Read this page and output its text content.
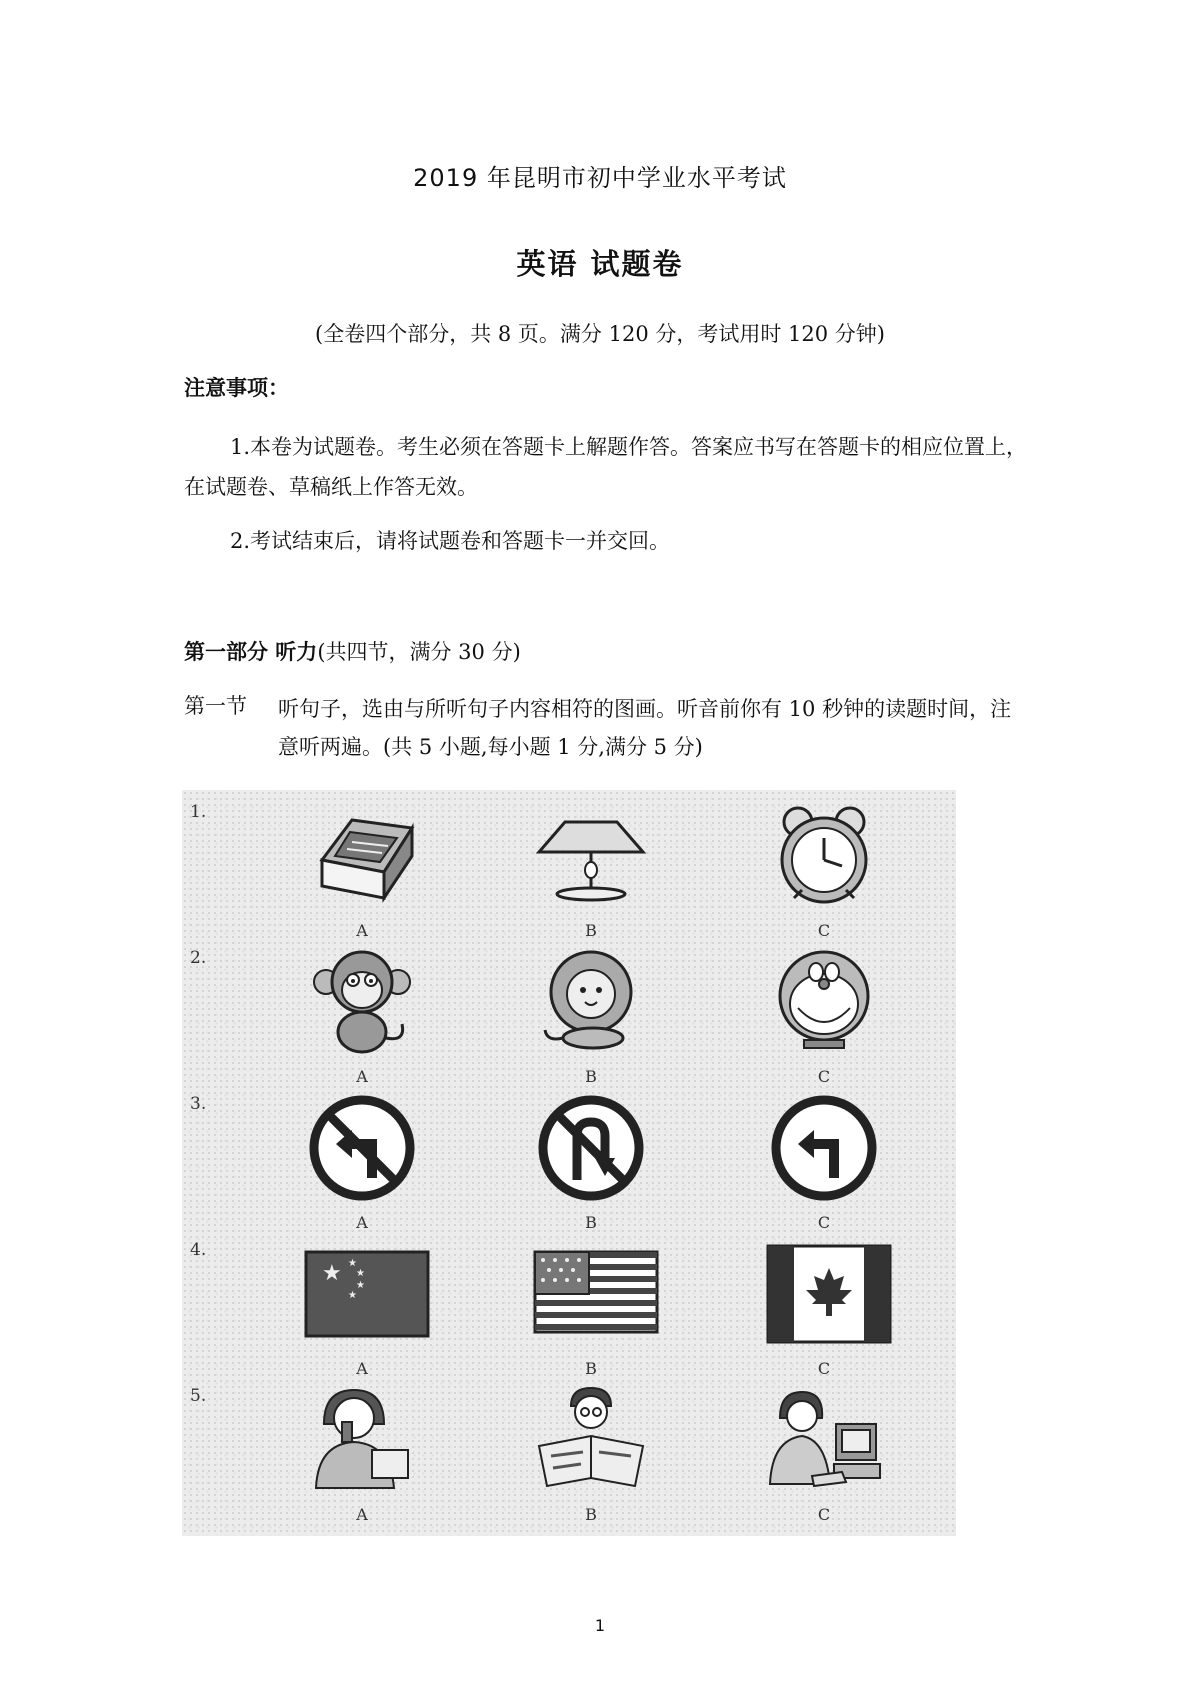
2019 年昆明市初中学业水平考试
英语 试题卷
(全卷四个部分，共 8 页。满分 120 分，考试用时 120 分钟)
注意事项：
1.本卷为试题卷。考生必须在答题卡上解题作答。答案应书写在答题卡的相应位置上，在试题卷、草稿纸上作答无效。
2.考试结束后，请将试题卷和答题卡一并交回。
第一部分 听力(共四节，满分 30 分)
第一节 听句子，选由与所听句子内容相符的图画。听音前你有 10 秒钟的读题时间，注意听两遍。(共 5 小题,每小题 1 分,满分 5 分)
1.
A	B	C
2.
A	B	C
3.
A	B	C
4.
★ ★
★
★
★
A	B	C
5.
A	B	C
1
